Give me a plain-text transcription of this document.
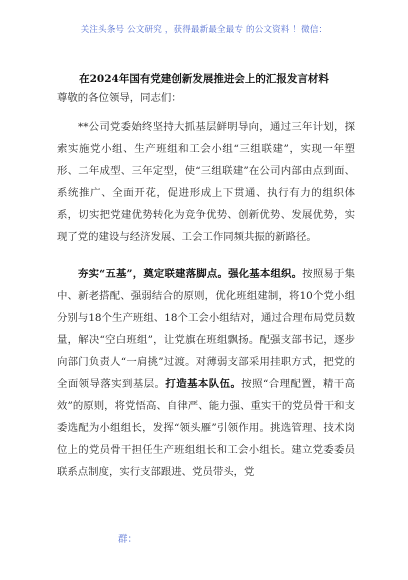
关注头条号 公文研究 ，获得最新最全最专 的公文资料 ！微信：
在2024年国有党建创新发展推进会上的汇报发言材料
尊敬的各位领导，同志们：
**公司党委始终坚持大抓基层鲜明导向，通过三年计划，探索实施党小组、生产班组和工会小组“三组联建”，实现一年塑形、二年成型、三年定型，使“三组联建”在公司内部由点到面、系统推广、全面开花，促进形成上下贯通、执行有力的组织体系，切实把党建优势转化为竞争优势、创新优势、发展优势，实现了党的建设与经济发展、工会工作同频共振的新路径。
夯实“五基”，奠定联建落脚点。强化基本组织。按照易于集中、新老搭配、强弱结合的原则，优化班组建制，将10个党小组分别与18个生产班组、18个工会小组结对，通过合理布局党员数量，解决“空白班组”，让党旗在班组飘扬。配强支部书记，逐步向部门负责人“一肩挑”过渡。对薄弱支部采用挂职方式，把党的全面领导落实到基层。打造基本队伍。按照“合理配置，精干高效”的原则，将党悟高、自律严、能力强、重实干的党员骨干和支委选配为小组组长，发挥“领头雁”引领作用。挑选管理、技术岗位上的党员骨干担任生产班组组长和工会小组长。建立党委委员联系点制度，实行支部跟进、党员带头，党
群：
